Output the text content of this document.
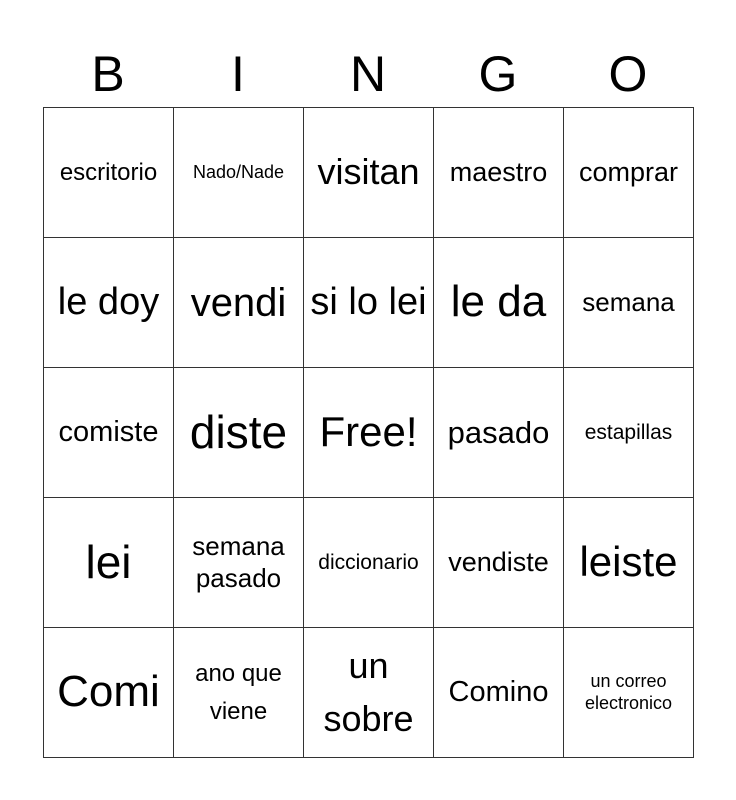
B	I	N	G	O
escritorio	Nado/Nade	visitan	maestro	comprar
le doy	vendi	si lo lei	le da	semana
comiste	diste	Free!	pasado	estapillas
lei	semana pasado	diccionario	vendiste	leiste
Comi	ano que viene	un sobre	Comino	un correo electronico
